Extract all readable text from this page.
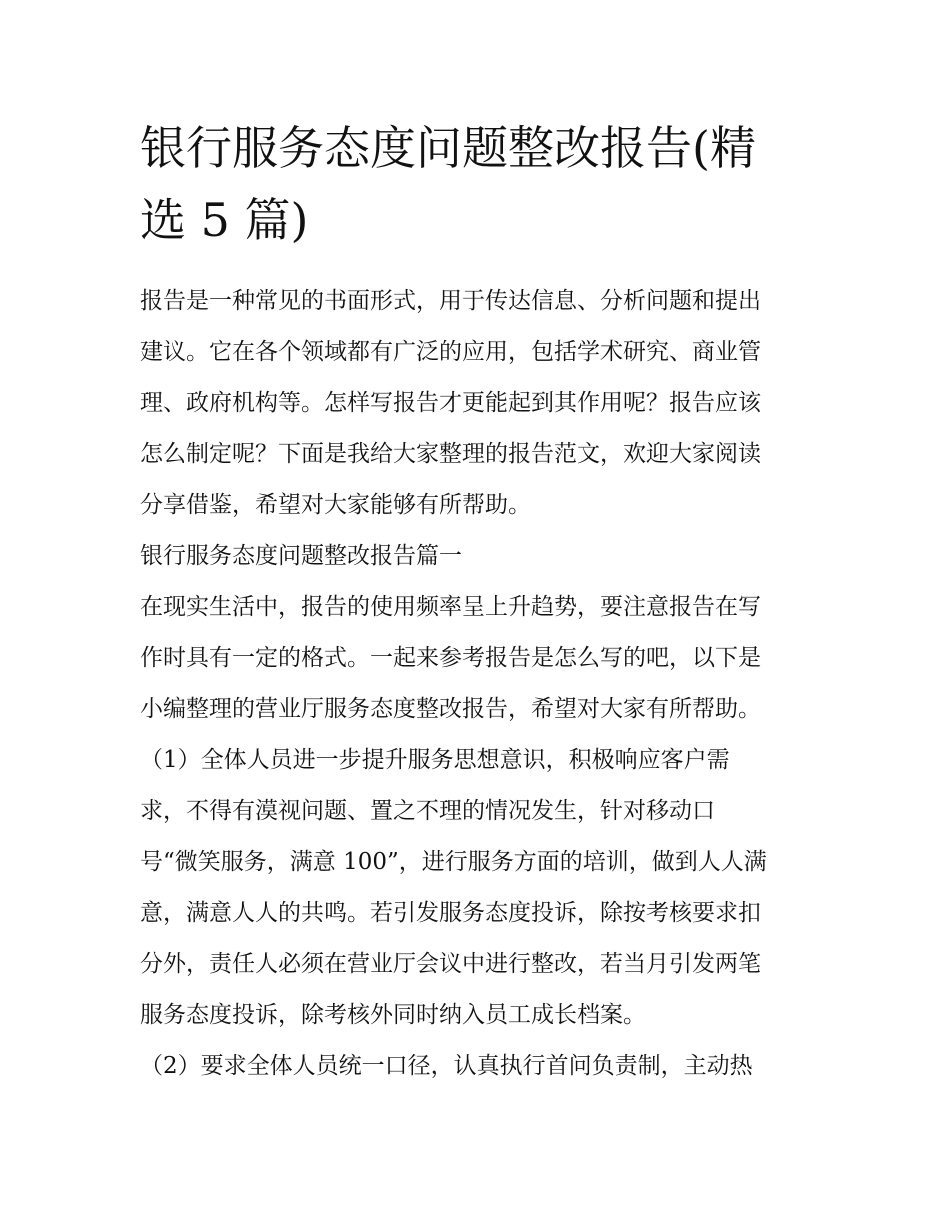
银行服务态度问题整改报告(精
选 5 篇)
报告是一种常见的书面形式，用于传达信息、分析问题和提出
建议。它在各个领域都有广泛的应用，包括学术研究、商业管
理、政府机构等。怎样写报告才更能起到其作用呢？报告应该
怎么制定呢？下面是我给大家整理的报告范文，欢迎大家阅读
分享借鉴，希望对大家能够有所帮助。
银行服务态度问题整改报告篇一
在现实生活中，报告的使用频率呈上升趋势，要注意报告在写
作时具有一定的格式。一起来参考报告是怎么写的吧，以下是
小编整理的营业厅服务态度整改报告，希望对大家有所帮助。
（1）全体人员进一步提升服务思想意识，积极响应客户需
求，不得有漠视问题、置之不理的情况发生，针对移动口
号“微笑服务，满意 100”，进行服务方面的培训，做到人人满
意，满意人人的共鸣。若引发服务态度投诉，除按考核要求扣
分外，责任人必须在营业厅会议中进行整改，若当月引发两笔
服务态度投诉，除考核外同时纳入员工成长档案。
（2）要求全体人员统一口径，认真执行首问负责制，主动热
